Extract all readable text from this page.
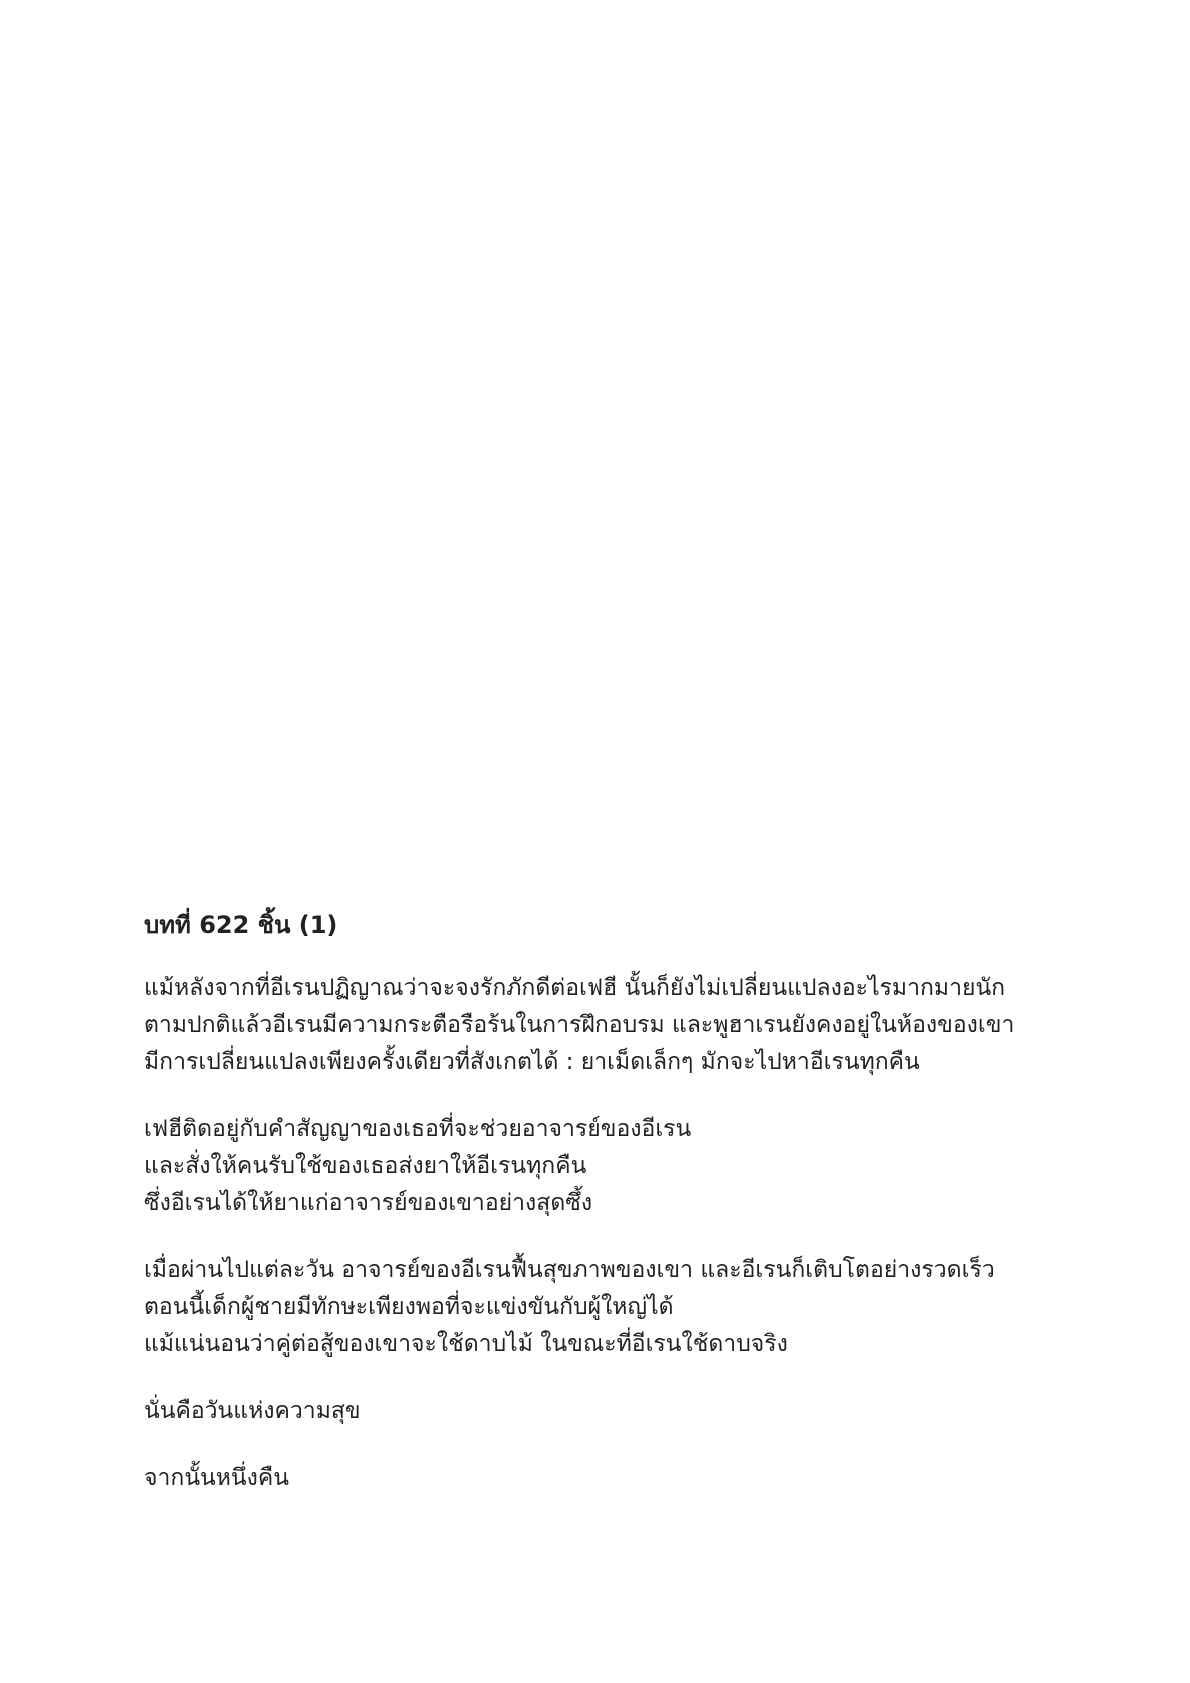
บทที่ 622 ชิ้น (1)
แม้หลังจากที่อีเรนปฏิญาณว่าจะจงรักภักดีต่อเฟฮี นั้นก็ยังไม่เปลี่ยนแปลงอะไรมากมายนัก
ตามปกติแล้วอีเรนมีความกระตือรือร้นในการฝึกอบรม และพูฮาเรนยังคงอยู่ในห้องของเขา
มีการเปลี่ยนแปลงเพียงครั้งเดียวที่สังเกตได้ : ยาเม็ดเล็กๆ มักจะไปหาอีเรนทุกคืน
เฟฮีติดอยู่กับคำสัญญาของเธอที่จะช่วยอาจารย์ของอีเรน
และสั่งให้คนรับใช้ของเธอส่งยาให้อีเรนทุกคืน
ซึ่งอีเรนได้ให้ยาแก่อาจารย์ของเขาอย่างสุดซึ้ง
เมื่อผ่านไปแต่ละวัน อาจารย์ของอีเรนฟื้นสุขภาพของเขา และอีเรนก็เติบโตอย่างรวดเร็ว
ตอนนี้เด็กผู้ชายมีทักษะเพียงพอที่จะแข่งขันกับผู้ใหญ่ได้
แม้แน่นอนว่าคู่ต่อสู้ของเขาจะใช้ดาบไม้ ในขณะที่อีเรนใช้ดาบจริง
นั่นคือวันแห่งความสุข
จากนั้นหนึ่งคืน
